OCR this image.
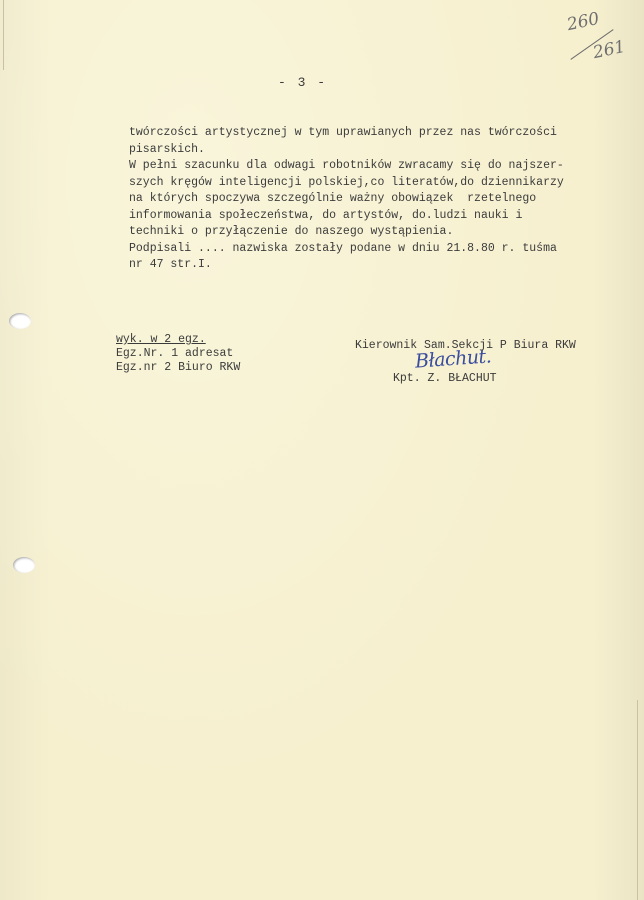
260
261
- 3 -
twórczości artystycznej w tym uprawianych przez nas twórczości
pisarskich.
W pełni szacunku dla odwagi robotników zwracamy się do najszer-
szych kręgów inteligencji polskiej,co literatów,do dziennikarzy
na których spoczywa szczególnie ważny obowiązek  rzetelnego
informowania społeczeństwa, do artystów, do.ludzi nauki i
techniki o przyłączenie do naszego wystąpienia.
Podpisali .... nazwiska zostały podane w dniu 21.8.80 r. tuśma
nr 47 str.I.
wyk. w 2 egz.
Egz.Nr. 1 adresat
Egz.nr 2 Biuro RKW
Kierownik Sam.Sekcji P Biura RKW
Kpt. Z. BŁACHUT
Błachut.
